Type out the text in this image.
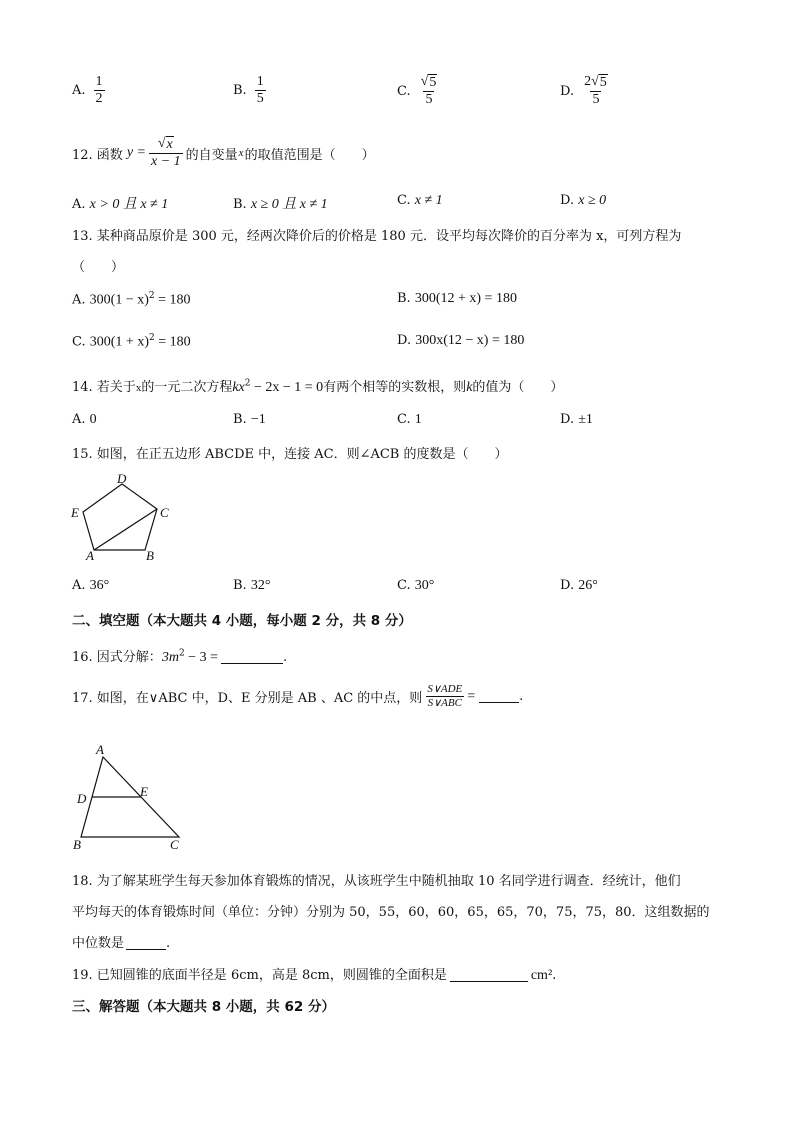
A. $\frac{1}{2}$	B. $\frac{1}{5}$	C. $\frac{√ 5}{5}$	D. $\frac{2 √ 5}{5}$
12. 函数 $y = \frac{√ x}{x - 1}$ 的自变量 x 的取值范围是（　　）
A. x > 0 且 x ≠ 1	B. x ≥ 0 且 x ≠ 1	C. x ≠ 1	D. x ≥ 0
13. 某种商品原价是 300 元，经两次降价后的价格是 180 元．设平均每次降价的百分率为 x，可列方程为
（　　）
A. $300(1 - x)^2 = 180$	B. 300(12 + x) = 180
C. $300(1 + x)^2 = 180$	D. 300x(12 − x) = 180
14. 若关于x的一元二次方程$kx^2 - 2x - 1 = 0$有两个相等的实数根，则k的值为（　　）
A. 0	B. −1	C. 1	D. ±1
15. 如图，在正五边形 ABCDE 中，连接 AC．则∠ACB 的度数是（　　）
D
C
E
A	B
A. 36°	B. 32°	C. 30°	D. 26°
二、填空题（本大题共 4 小题，每小题 2 分，共 8 分）
16. 因式分解：$3m^2 - 3$ =	.
17. 如图，在∨ABC 中，D、E 分别是 AB 、AC 的中点，则 $\frac{\text{S∨ADE}}{\text{S∨ABC}}$ =	.
A
D	E
B	C
18. 为了解某班学生每天参加体育锻炼的情况，从该班学生中随机抽取 10 名同学进行调查．经统计，他们
平均每天的体育锻炼时间（单位：分钟）分别为 50，55，60，60，65，65，70，75，75，80．这组数据的
中位数是	.
19. 已知圆锥的底面半径是 6cm，高是 8cm，则圆锥的全面积是	cm².
三、解答题（本大题共 8 小题，共 62 分）
